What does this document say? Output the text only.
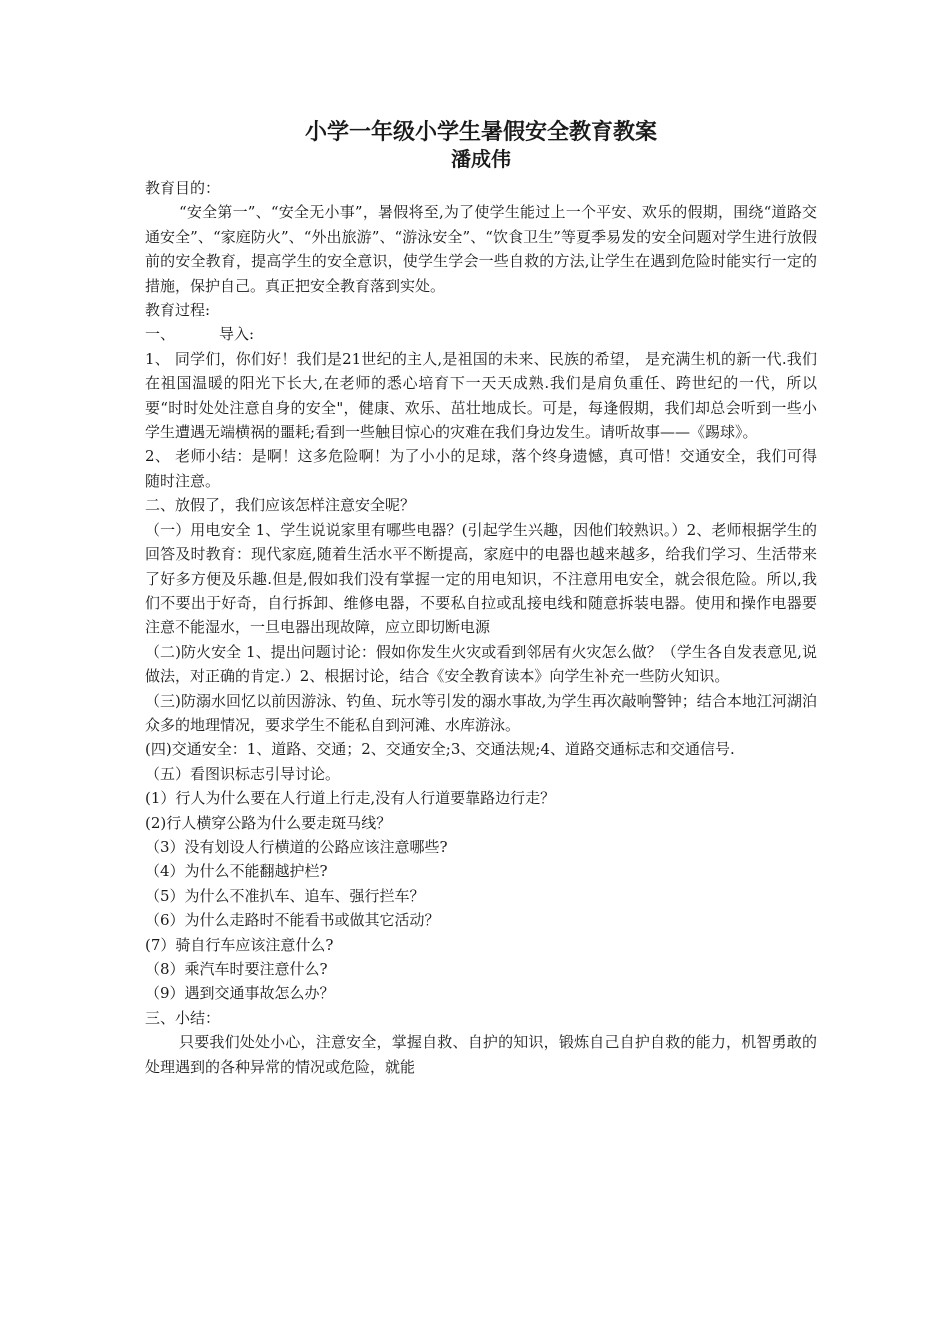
小学一年级小学生暑假安全教育教案
潘成伟

教育目的：

“安全第一”、“安全无小事”，暑假将至,为了使学生能过上一个平安、欢乐的假期，围绕“道路交通安全”、“家庭防火”、“外出旅游”、“游泳安全”、“饮食卫生”等夏季易发的安全问题对学生进行放假前的安全教育，提高学生的安全意识，使学生学会一些自救的方法,让学生在遇到危险时能实行一定的措施，保护自己。真正把安全教育落到实处。

教育过程:

一、	导入:

1、 同学们，你们好！我们是21世纪的主人,是祖国的未来、民族的希望， 是充满生机的新一代.我们在祖国温暖的阳光下长大,在老师的悉心培育下一天天成熟.我们是肩负重任、跨世纪的一代，所以要“时时处处注意自身的安全"，健康、欢乐、茁壮地成长。可是，每逢假期，我们却总会听到一些小学生遭遇无端横祸的噩耗;看到一些触目惊心的灾难在我们身边发生。请听故事——《踢球》。

2、 老师小结：是啊！这多危险啊！为了小小的足球，落个终身遗憾，真可惜！交通安全，我们可得随时注意。

二、放假了，我们应该怎样注意安全呢？

（一）用电安全 1、学生说说家里有哪些电器？(引起学生兴趣，因他们较熟识。）2、老师根据学生的回答及时教育：现代家庭,随着生活水平不断提高，家庭中的电器也越来越多，给我们学习、生活带来了好多方便及乐趣.但是,假如我们没有掌握一定的用电知识，不注意用电安全，就会很危险。所以,我们不要出于好奇，自行拆卸、维修电器，不要私自拉或乱接电线和随意拆装电器。使用和操作电器要注意不能湿水，一旦电器出现故障，应立即切断电源

（二)防火安全 1、提出问题讨论：假如你发生火灾或看到邻居有火灾怎么做？（学生各自发表意见,说做法，对正确的肯定.）2、根据讨论，结合《安全教育读本》向学生补充一些防火知识。

（三)防溺水回忆以前因游泳、钓鱼、玩水等引发的溺水事故,为学生再次敲响警钟；结合本地江河湖泊众多的地理情况，要求学生不能私自到河滩、水库游泳。

(四)交通安全：1、道路、交通；2、交通安全;3、交通法规;4、道路交通标志和交通信号.

（五）看图识标志引导讨论。

(1）行人为什么要在人行道上行走,没有人行道要靠路边行走？

(2)行人横穿公路为什么要走斑马线？

（3）没有划设人行横道的公路应该注意哪些?

（4）为什么不能翻越护栏?

（5）为什么不准扒车、追车、强行拦车？

（6）为什么走路时不能看书或做其它活动？

(7）骑自行车应该注意什么?

（8）乘汽车时要注意什么?

（9）遇到交通事故怎么办？

三、小结：

只要我们处处小心，注意安全，掌握自救、自护的知识，锻炼自己自护自救的能力，机智勇敢的处理遇到的各种异常的情况或危险，就能
